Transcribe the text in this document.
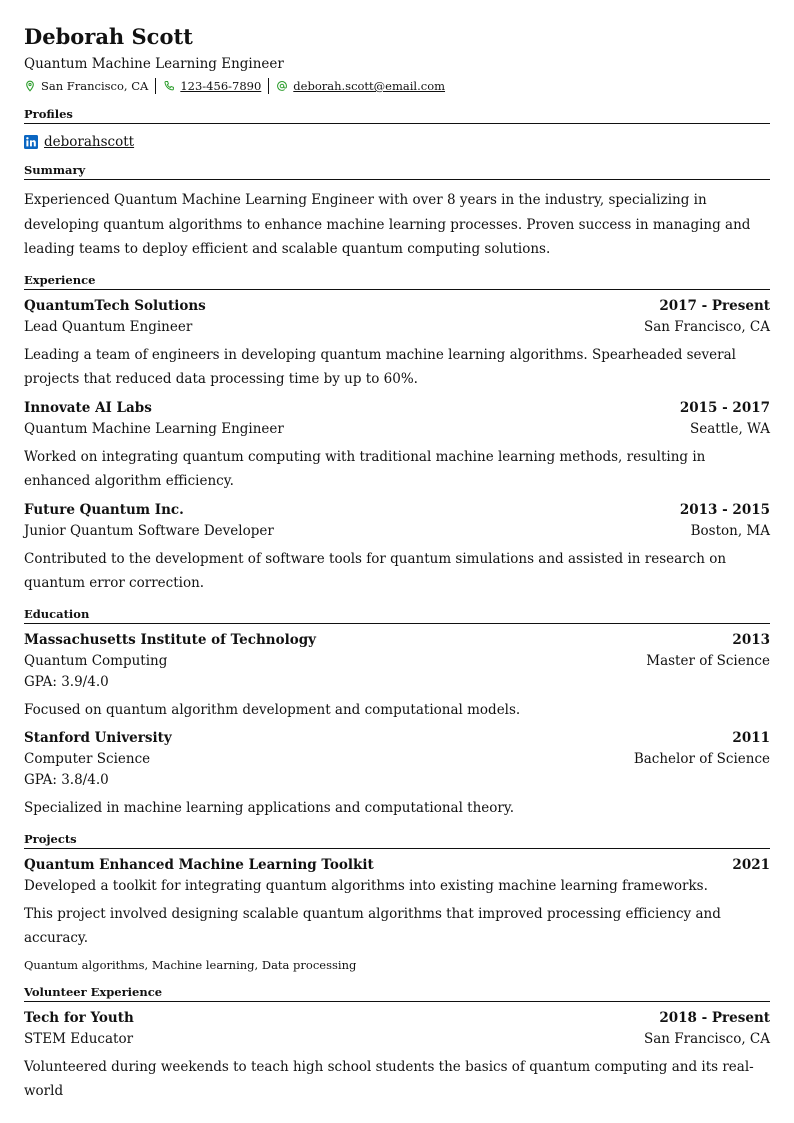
Deborah Scott
Quantum Machine Learning Engineer
San Francisco, CA	123-456-7890	deborah.scott@email.com
Profiles
deborahscott
Summary
Experienced Quantum Machine Learning Engineer with over 8 years in the industry, specializing in developing quantum algorithms to enhance machine learning processes. Proven success in managing and leading teams to deploy efficient and scalable quantum computing solutions.
Experience
QuantumTech Solutions	2017 - Present
Lead Quantum Engineer	San Francisco, CA
Leading a team of engineers in developing quantum machine learning algorithms. Spearheaded several projects that reduced data processing time by up to 60%.
Innovate AI Labs	2015 - 2017
Quantum Machine Learning Engineer	Seattle, WA
Worked on integrating quantum computing with traditional machine learning methods, resulting in enhanced algorithm efficiency.
Future Quantum Inc.	2013 - 2015
Junior Quantum Software Developer	Boston, MA
Contributed to the development of software tools for quantum simulations and assisted in research on quantum error correction.
Education
Massachusetts Institute of Technology	2013
Quantum Computing	Master of Science
GPA: 3.9/4.0
Focused on quantum algorithm development and computational models.
Stanford University	2011
Computer Science	Bachelor of Science
GPA: 3.8/4.0
Specialized in machine learning applications and computational theory.
Projects
Quantum Enhanced Machine Learning Toolkit	2021
Developed a toolkit for integrating quantum algorithms into existing machine learning frameworks.
This project involved designing scalable quantum algorithms that improved processing efficiency and accuracy.
Quantum algorithms, Machine learning, Data processing
Volunteer Experience
Tech for Youth	2018 - Present
STEM Educator	San Francisco, CA
Volunteered during weekends to teach high school students the basics of quantum computing and its real-world
